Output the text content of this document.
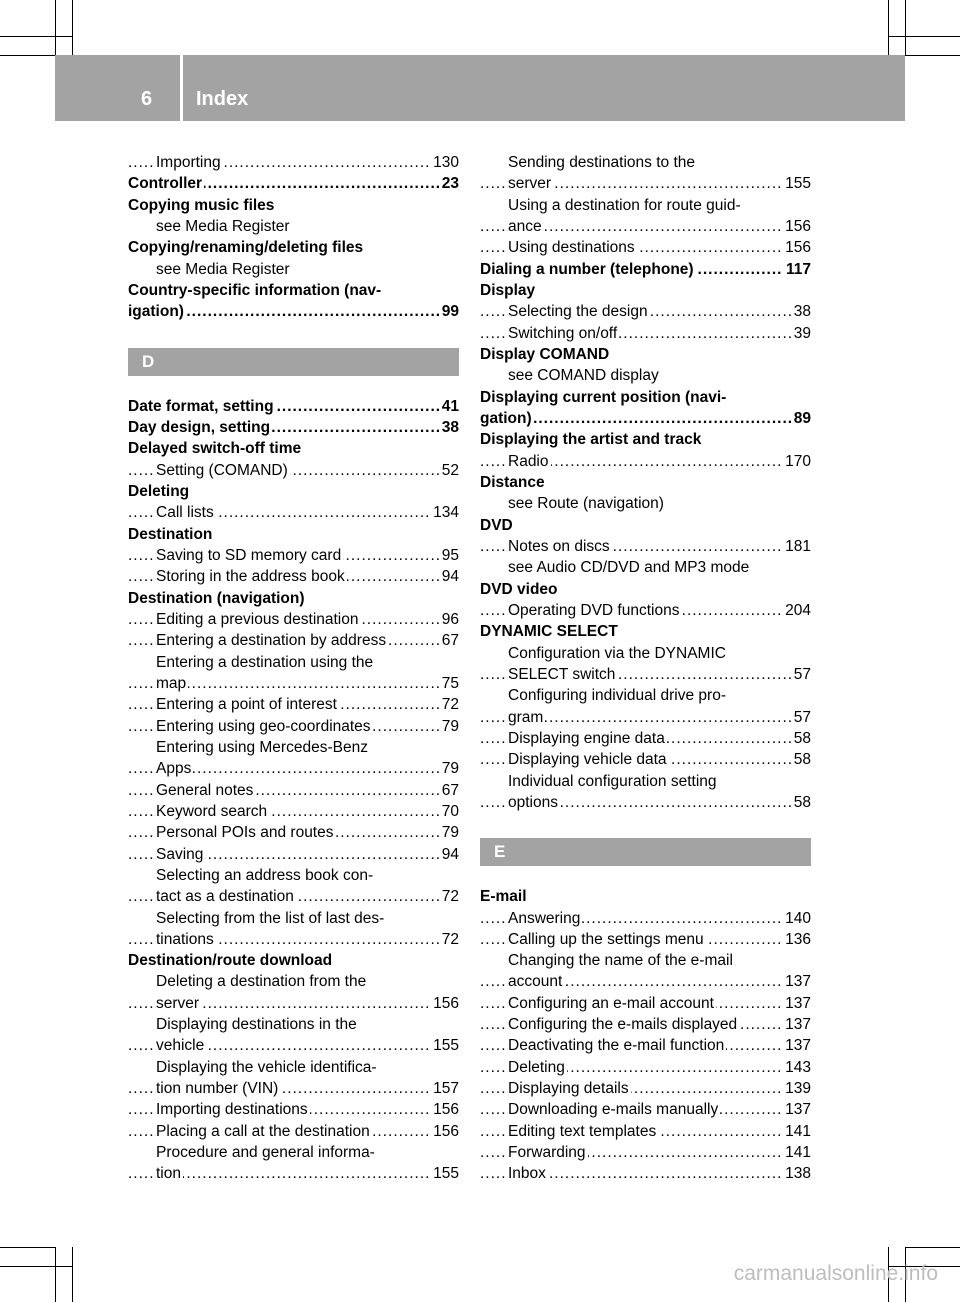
6 Index
Importing	130
.....
Controller	23
.....
Copying music files
see Media Register
Copying/renaming/deleting files
see Media Register
Country-specific information (nav-
igation)	99
.....
D
Date format, setting	41
.....
Day design, setting	38
.....
Delayed switch-off time
Setting (COMAND)	52
.....
Deleting
Call lists	134
.....
Destination
Saving to SD memory card	95
.....
Storing in the address book	94
.....
Destination (navigation)
Editing a previous destination	96
.....
Entering a destination by address	67
.....
Entering a destination using the
map	75
.....
Entering a point of interest	72
.....
Entering using geo-coordinates	79
.....
Entering using Mercedes-Benz
Apps	79
.....
General notes	67
.....
Keyword search	70
.....
Personal POIs and routes	79
.....
Saving	94
.....
Selecting an address book con-
tact as a destination	72
.....
Selecting from the list of last des-
tinations	72
.....
Destination/route download
Deleting a destination from the
server	156
.....
Displaying destinations in the
vehicle	155
.....
Displaying the vehicle identifica-
tion number (VIN)	157
.....
Importing destinations	156
.....
Placing a call at the destination	156
.....
Procedure and general informa-
tion	155
.....
Sending destinations to the
server	155
.....
Using a destination for route guid-
ance	156
.....
Using destinations	156
.....
Dialing a number (telephone)	117
.....
Display
Selecting the design	38
.....
Switching on/off	39
.....
Display COMAND
see COMAND display
Displaying current position (navi-
gation)	89
.....
Displaying the artist and track
Radio	170
.....
Distance
see Route (navigation)
DVD
Notes on discs	181
.....
see Audio CD/DVD and MP3 mode
DVD video
Operating DVD functions	204
.....
DYNAMIC SELECT
Configuration via the DYNAMIC
SELECT switch	57
.....
Configuring individual drive pro-
gram	57
.....
Displaying engine data	58
.....
Displaying vehicle data	58
.....
Individual configuration setting
options	58
.....
E
E-mail
Answering	140
.....
Calling up the settings menu	136
.....
Changing the name of the e-mail
account	137
.....
Configuring an e-mail account	137
.....
Configuring the e-mails displayed	137
.....
Deactivating the e-mail function	137
.....
Deleting	143
.....
Displaying details	139
.....
Downloading e-mails manually	137
.....
Editing text templates	141
.....
Forwarding	141
.....
Inbox	138
.....
carmanualsonline.info
